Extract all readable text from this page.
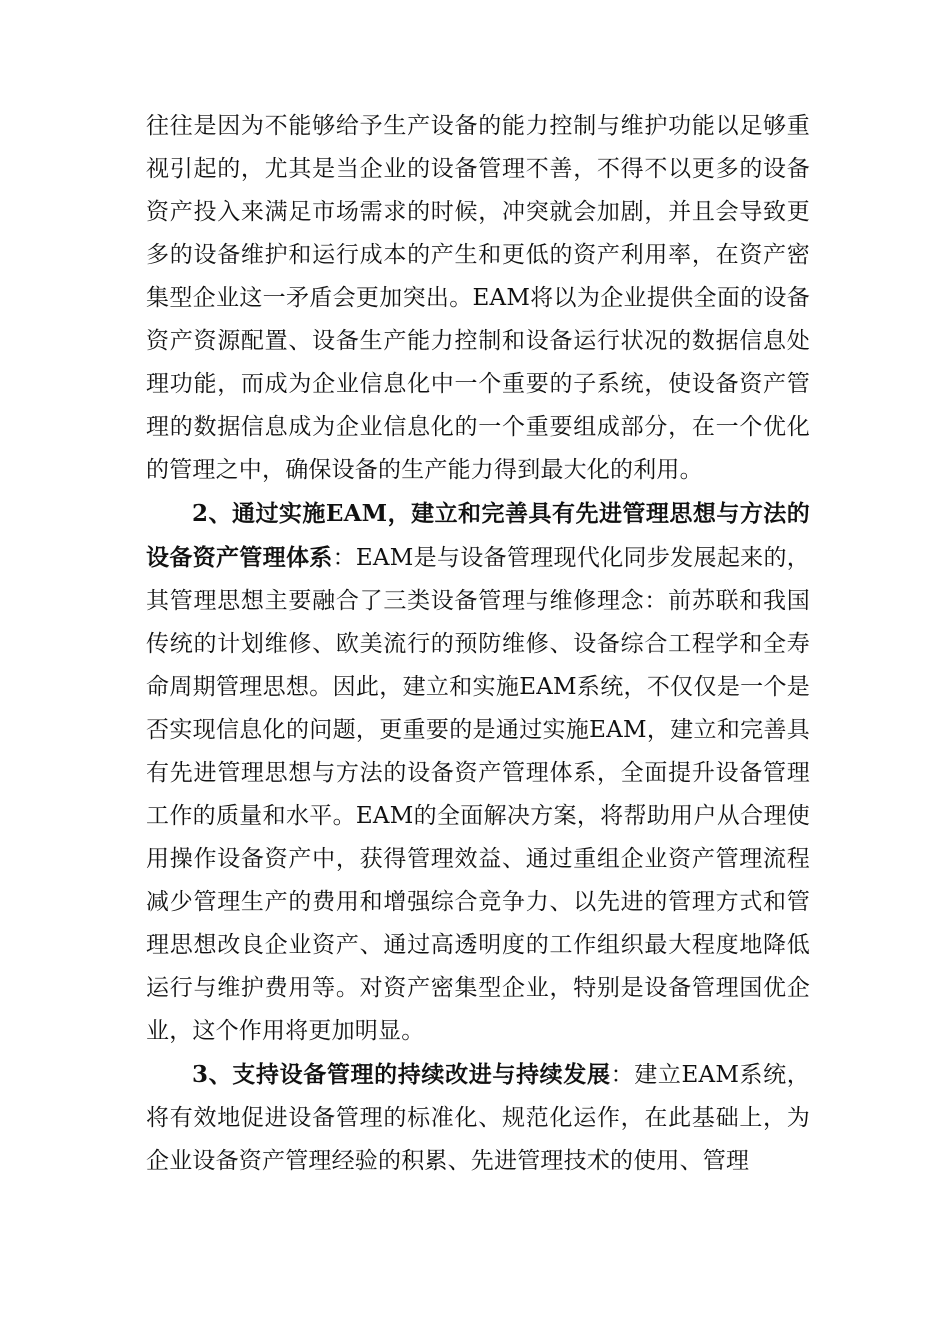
往往是因为不能够给予生产设备的能力控制与维护功能以足够重视引起的，尤其是当企业的设备管理不善，不得不以更多的设备资产投入来满足市场需求的时候，冲突就会加剧，并且会导致更多的设备维护和运行成本的产生和更低的资产利用率，在资产密集型企业这一矛盾会更加突出。EAM将以为企业提供全面的设备资产资源配置、设备生产能力控制和设备运行状况的数据信息处理功能，而成为企业信息化中一个重要的子系统，使设备资产管理的数据信息成为企业信息化的一个重要组成部分，在一个优化的管理之中，确保设备的生产能力得到最大化的利用。

2、通过实施EAM，建立和完善具有先进管理思想与方法的设备资产管理体系：EAM是与设备管理现代化同步发展起来的，其管理思想主要融合了三类设备管理与维修理念：前苏联和我国传统的计划维修、欧美流行的预防维修、设备综合工程学和全寿命周期管理思想。因此，建立和实施EAM系统，不仅仅是一个是否实现信息化的问题，更重要的是通过实施EAM，建立和完善具有先进管理思想与方法的设备资产管理体系，全面提升设备管理工作的质量和水平。EAM的全面解决方案，将帮助用户从合理使用操作设备资产中，获得管理效益、通过重组企业资产管理流程减少管理生产的费用和增强综合竞争力、以先进的管理方式和管理思想改良企业资产、通过高透明度的工作组织最大程度地降低运行与维护费用等。对资产密集型企业，特别是设备管理国优企业，这个作用将更加明显。

3、支持设备管理的持续改进与持续发展：建立EAM系统，将有效地促进设备管理的标准化、规范化运作，在此基础上，为企业设备资产管理经验的积累、先进管理技术的使用、管理
